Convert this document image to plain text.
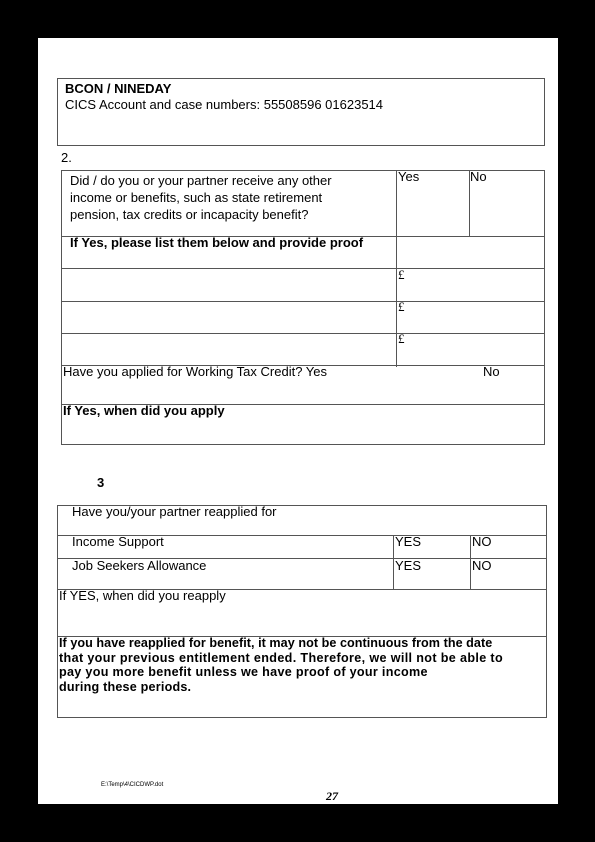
BCON / NINEDAY
CICS Account and case numbers: 55508596 01623514
2.
Did / do you or your partner receive any other
income or benefits, such as state retirement
pension, tax credits or incapacity benefit?
Yes	No
If Yes, please list them below and provide proof
£
£
£
Have you applied for Working Tax Credit? Yes	No
If Yes, when did you apply
3
Have you/your partner reapplied for
Income Support	YES	NO
Job Seekers Allowance	YES	NO
If YES, when did you reapply
If you have reapplied for benefit, it may not be continuous from the date
that your previous entitlement ended. Therefore, we will not be able to
pay you more benefit unless we have proof of your income
during these periods.
E:\Temp\4\CICDWP.dot
27
